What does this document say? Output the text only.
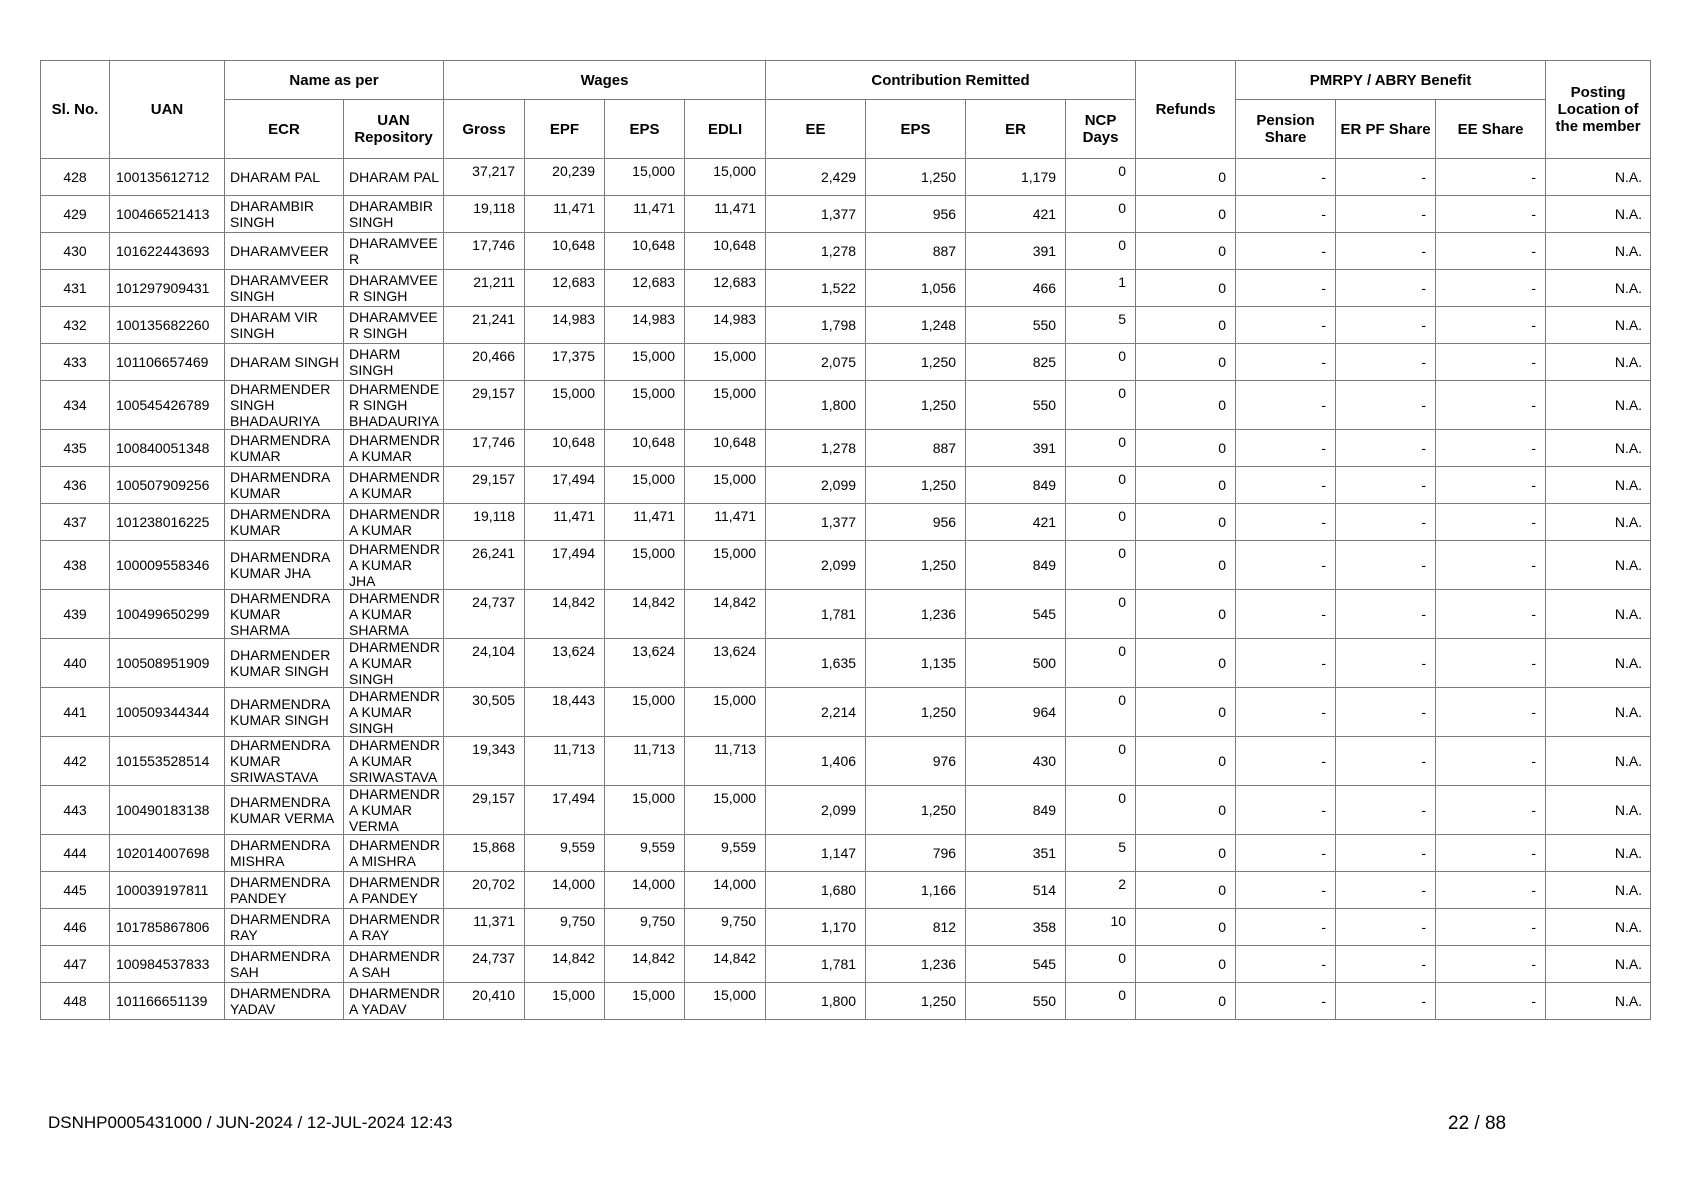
Sl. No.	UAN	Name as per		Wages				Contribution Remitted				Refunds	PMRPY / ABRY Benefit			Posting Location of the member
		ECR	UAN Repository	Gross	EPF	EPS	EDLI	EE	EPS	ER	NCP Days		Pension Share	ER PF Share	EE Share	
428	100135612712	DHARAM PAL	DHARAM PAL	37,217	20,239	15,000	15,000	2,429	1,250	1,179	0	0	-	-	-	N.A.
429	100466521413	DHARAMBIR SINGH	DHARAMBIR SINGH	19,118	11,471	11,471	11,471	1,377	956	421	0	0	-	-	-	N.A.
430	101622443693	DHARAMVEER	DHARAMVEE R	17,746	10,648	10,648	10,648	1,278	887	391	0	0	-	-	-	N.A.
431	101297909431	DHARAMVEER SINGH	DHARAMVEE R SINGH	21,211	12,683	12,683	12,683	1,522	1,056	466	1	0	-	-	-	N.A.
432	100135682260	DHARAM VIR SINGH	DHARAMVEE R SINGH	21,241	14,983	14,983	14,983	1,798	1,248	550	5	0	-	-	-	N.A.
433	101106657469	DHARAM SINGH	DHARM SINGH	20,466	17,375	15,000	15,000	2,075	1,250	825	0	0	-	-	-	N.A.
434	100545426789	DHARMENDER SINGH BHADAURIYA	DHARMENDE R SINGH BHADAURIYA	29,157	15,000	15,000	15,000	1,800	1,250	550	0	0	-	-	-	N.A.
435	100840051348	DHARMENDRA KUMAR	DHARMENDR A KUMAR	17,746	10,648	10,648	10,648	1,278	887	391	0	0	-	-	-	N.A.
436	100507909256	DHARMENDRA KUMAR	DHARMENDR A KUMAR	29,157	17,494	15,000	15,000	2,099	1,250	849	0	0	-	-	-	N.A.
437	101238016225	DHARMENDRA KUMAR	DHARMENDR A KUMAR	19,118	11,471	11,471	11,471	1,377	956	421	0	0	-	-	-	N.A.
438	100009558346	DHARMENDRA KUMAR JHA	DHARMENDR A KUMAR JHA	26,241	17,494	15,000	15,000	2,099	1,250	849	0	0	-	-	-	N.A.
439	100499650299	DHARMENDRA KUMAR SHARMA	DHARMENDR A KUMAR SHARMA	24,737	14,842	14,842	14,842	1,781	1,236	545	0	0	-	-	-	N.A.
440	100508951909	DHARMENDER KUMAR SINGH	DHARMENDR A KUMAR SINGH	24,104	13,624	13,624	13,624	1,635	1,135	500	0	0	-	-	-	N.A.
441	100509344344	DHARMENDRA KUMAR SINGH	DHARMENDR A KUMAR SINGH	30,505	18,443	15,000	15,000	2,214	1,250	964	0	0	-	-	-	N.A.
442	101553528514	DHARMENDRA KUMAR SRIWASTAVA	DHARMENDR A KUMAR SRIWASTAVA	19,343	11,713	11,713	11,713	1,406	976	430	0	0	-	-	-	N.A.
443	100490183138	DHARMENDRA KUMAR VERMA	DHARMENDR A KUMAR VERMA	29,157	17,494	15,000	15,000	2,099	1,250	849	0	0	-	-	-	N.A.
444	102014007698	DHARMENDRA MISHRA	DHARMENDR A MISHRA	15,868	9,559	9,559	9,559	1,147	796	351	5	0	-	-	-	N.A.
445	100039197811	DHARMENDRA PANDEY	DHARMENDR A PANDEY	20,702	14,000	14,000	14,000	1,680	1,166	514	2	0	-	-	-	N.A.
446	101785867806	DHARMENDRA RAY	DHARMENDR A RAY	11,371	9,750	9,750	9,750	1,170	812	358	10	0	-	-	-	N.A.
447	100984537833	DHARMENDRA SAH	DHARMENDR A SAH	24,737	14,842	14,842	14,842	1,781	1,236	545	0	0	-	-	-	N.A.
448	101166651139	DHARMENDRA YADAV	DHARMENDR A YADAV	20,410	15,000	15,000	15,000	1,800	1,250	550	0	0	-	-	-	N.A.
DSNHP0005431000 / JUN-2024 / 12-JUL-2024 12:43	22 / 88
